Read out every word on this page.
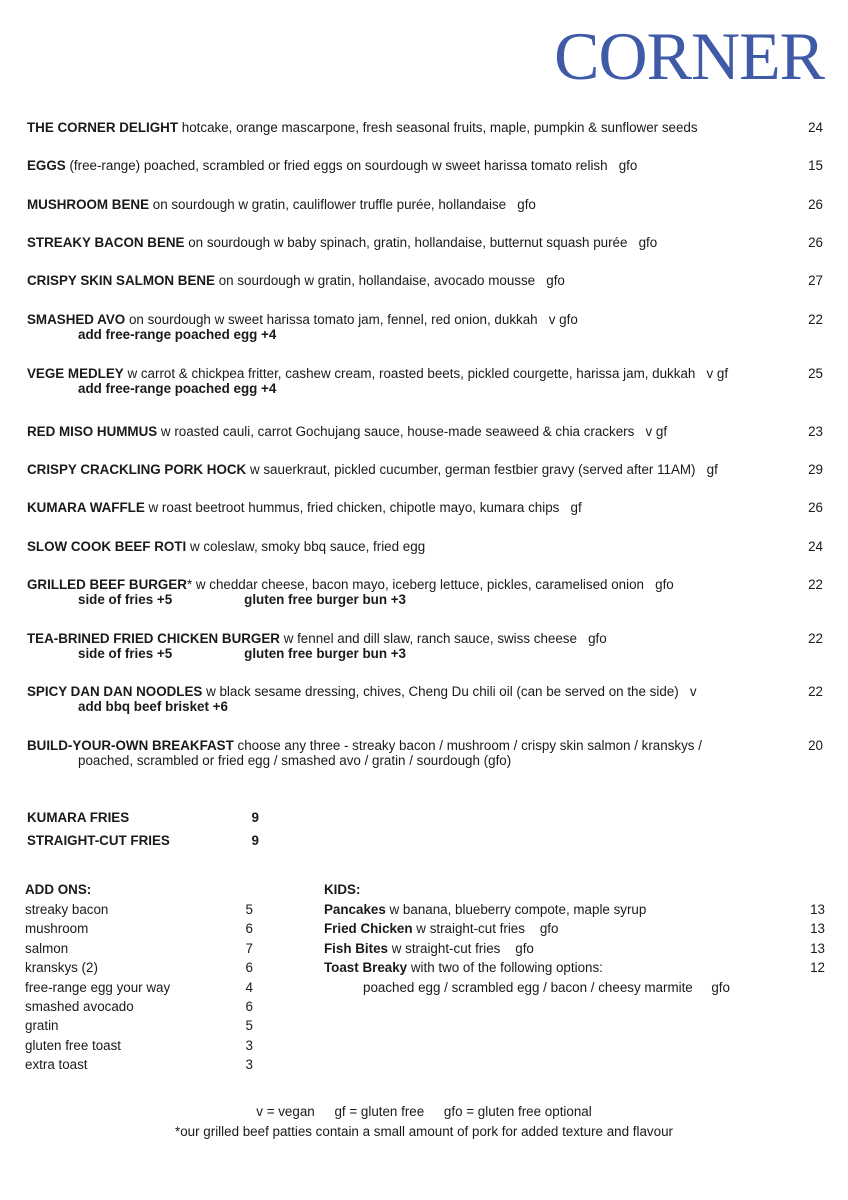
CORNER
THE CORNER DELIGHT hotcake, orange mascarpone, fresh seasonal fruits, maple, pumpkin & sunflower seeds	24
EGGS (free-range) poached, scrambled or fried eggs on sourdough w sweet harissa tomato relish   gfo	15
MUSHROOM BENE on sourdough w gratin, cauliflower truffle purée, hollandaise   gfo	26
STREAKY BACON BENE on sourdough w baby spinach, gratin, hollandaise, butternut squash purée   gfo	26
CRISPY SKIN SALMON BENE on sourdough w gratin, hollandaise, avocado mousse   gfo	27
SMASHED AVO on sourdough w sweet harissa tomato jam, fennel, red onion, dukkah   v gfo	22
add free-range poached egg +4
VEGE MEDLEY w carrot & chickpea fritter, cashew cream, roasted beets, pickled courgette, harissa jam, dukkah   v gf	25
add free-range poached egg +4
RED MISO HUMMUS w roasted cauli, carrot Gochujang sauce, house-made seaweed & chia crackers   v gf	23
CRISPY CRACKLING PORK HOCK w sauerkraut, pickled cucumber, german festbier gravy (served after 11AM)   gf	29
KUMARA WAFFLE w roast beetroot hummus, fried chicken, chipotle mayo, kumara chips   gf	26
SLOW COOK BEEF ROTI w coleslaw, smoky bbq sauce, fried egg	24
GRILLED BEEF BURGER* w cheddar cheese, bacon mayo, iceberg lettuce, pickles, caramelised onion   gfo	22
side of fries +5	gluten free burger bun +3
TEA-BRINED FRIED CHICKEN BURGER w fennel and dill slaw, ranch sauce, swiss cheese   gfo	22
side of fries +5	gluten free burger bun +3
SPICY DAN DAN NOODLES w black sesame dressing, chives, Cheng Du chili oil (can be served on the side)   v	22
add bbq beef brisket +6
BUILD-YOUR-OWN BREAKFAST choose any three - streaky bacon / mushroom / crispy skin salmon / kranskys /	20
poached, scrambled or fried egg / smashed avo / gratin / sourdough (gfo)
KUMARA FRIES	9
STRAIGHT-CUT FRIES	9
ADD ONS:
streaky bacon	5
mushroom	6
salmon	7
kranskys (2)	6
free-range egg your way	4
smashed avocado	6
gratin	5
gluten free toast	3
extra toast	3
KIDS:
Pancakes w banana, blueberry compote, maple syrup	13
Fried Chicken w straight-cut fries    gfo	13
Fish Bites w straight-cut fries    gfo	13
Toast Breaky with two of the following options:	12
poached egg / scrambled egg / bacon / cheesy marmite     gfo
v = vegan gf = gluten free gfo = gluten free optional
*our grilled beef patties contain a small amount of pork for added texture and flavour
